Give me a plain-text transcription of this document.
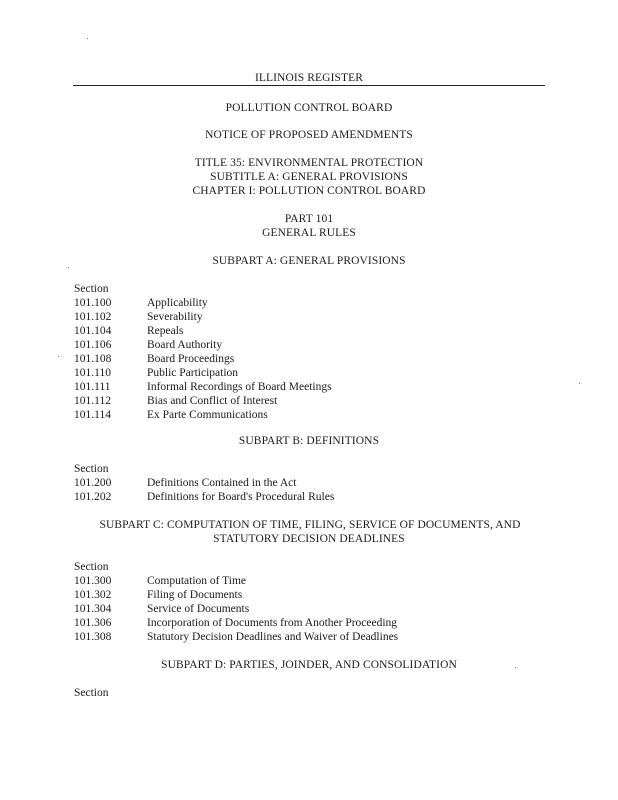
ILLINOIS REGISTER
POLLUTION CONTROL BOARD
NOTICE OF PROPOSED AMENDMENTS
TITLE 35: ENVIRONMENTAL PROTECTION
SUBTITLE A: GENERAL PROVISIONS
CHAPTER I: POLLUTION CONTROL BOARD
PART 101
GENERAL RULES
SUBPART A: GENERAL PROVISIONS
Section
101.100	Applicability
101.102	Severability
101.104	Repeals
101.106	Board Authority
101.108	Board Proceedings
101.110	Public Participation
101.111	Informal Recordings of Board Meetings
101.112	Bias and Conflict of Interest
101.114	Ex Parte Communications
SUBPART B: DEFINITIONS
Section
101.200	Definitions Contained in the Act
101.202	Definitions for Board's Procedural Rules
SUBPART C: COMPUTATION OF TIME, FILING, SERVICE OF DOCUMENTS, AND
STATUTORY DECISION DEADLINES
Section
101.300	Computation of Time
101.302	Filing of Documents
101.304	Service of Documents
101.306	Incorporation of Documents from Another Proceeding
101.308	Statutory Decision Deadlines and Waiver of Deadlines
SUBPART D: PARTIES, JOINDER, AND CONSOLIDATION
Section
